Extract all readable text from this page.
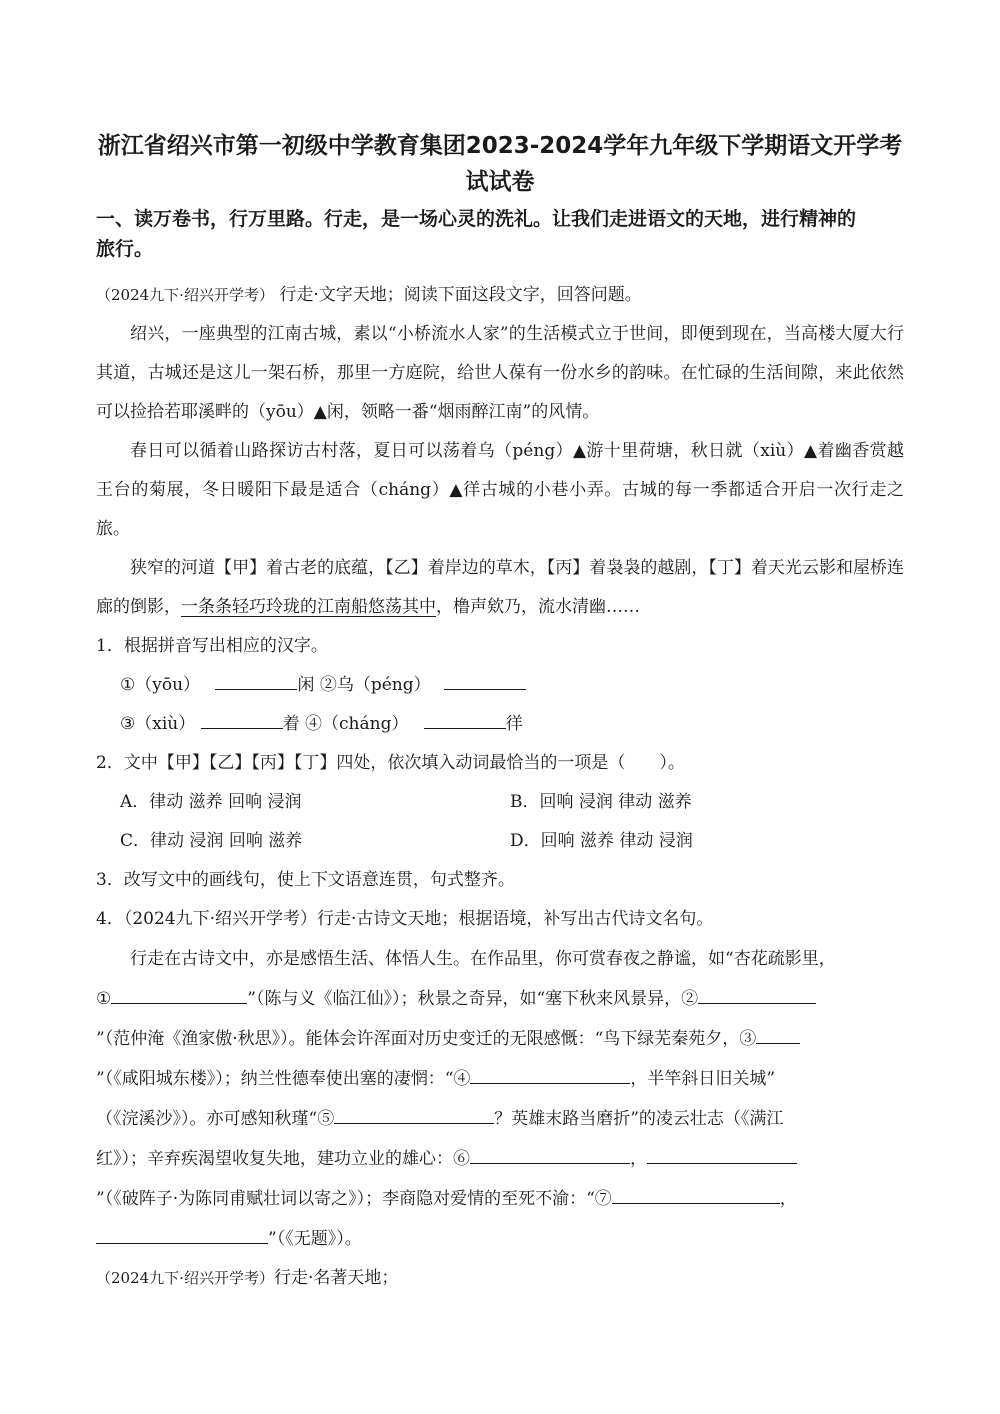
浙江省绍兴市第一初级中学教育集团2023-2024学年九年级下学期语文开学考
试试卷
一、读万卷书，行万里路。行走，是一场心灵的洗礼。让我们走进语文的天地，进行精神的
旅行。
（2024九下·绍兴开学考） 行走·文字天地；阅读下面这段文字，回答问题。

绍兴，一座典型的江南古城，素以“小桥流水人家”的生活模式立于世间，即便到现在，当高楼大厦大行其道，古城还是这儿一架石桥，那里一方庭院，给世人葆有一份水乡的韵味。在忙碌的生活间隙，来此依然可以捡拾若耶溪畔的（yōu）▲闲，领略一番“烟雨醉江南”的风情。

春日可以循着山路探访古村落，夏日可以荡着乌（péng）▲游十里荷塘，秋日就（xiù）▲着幽香赏越王台的菊展，冬日暖阳下最是适合（cháng）▲徉古城的小巷小弄。古城的每一季都适合开启一次行走之旅。

狭窄的河道【甲】着古老的底蕴，【乙】着岸边的草木，【丙】着袅袅的越剧，【丁】着天光云影和屋桥连廊的倒影，一条条轻巧玲珑的江南船悠荡其中，橹声欸乃，流水清幽……

1．根据拼音写出相应的汉字。
①（yōu）	闲 ②乌（péng）
③（xiù）	着 ④（cháng）	徉
2．文中【甲】【乙】【丙】【丁】四处，依次填入动词最恰当的一项是（　　）。
A．律动 滋养 回响 浸润	B．回响 浸润 律动 滋养
C．律动 浸润 回响 滋养	D．回响 滋养 律动 浸润
3．改写文中的画线句，使上下文语意连贯，句式整齐。
4．（2024九下·绍兴开学考）行走·古诗文天地；根据语境，补写出古代诗文名句。
行走在古诗文中，亦是感悟生活、体悟人生。在作品里，你可赏春夜之静谧，如“杏花疏影里，
①	”（陈与义《临江仙》）；秋景之奇异，如“塞下秋来风景异，②
”（范仲淹《渔家傲·秋思》）。能体会许浑面对历史变迁的无限感慨：“鸟下绿芜秦苑夕，③
”（《咸阳城东楼》）；纳兰性德奉使出塞的凄惘：“④	，半竿斜日旧关城”
（《浣溪沙》）。亦可感知秋瑾“⑤	？英雄末路当磨折”的凌云壮志（《满江
红》）；辛弃疾渴望收复失地，建功立业的雄心：⑥	，
”（《破阵子·为陈同甫赋壮词以寄之》）；李商隐对爱情的至死不渝：“⑦	，
”（《无题》）。
（2024九下·绍兴开学考）行走·名著天地；
